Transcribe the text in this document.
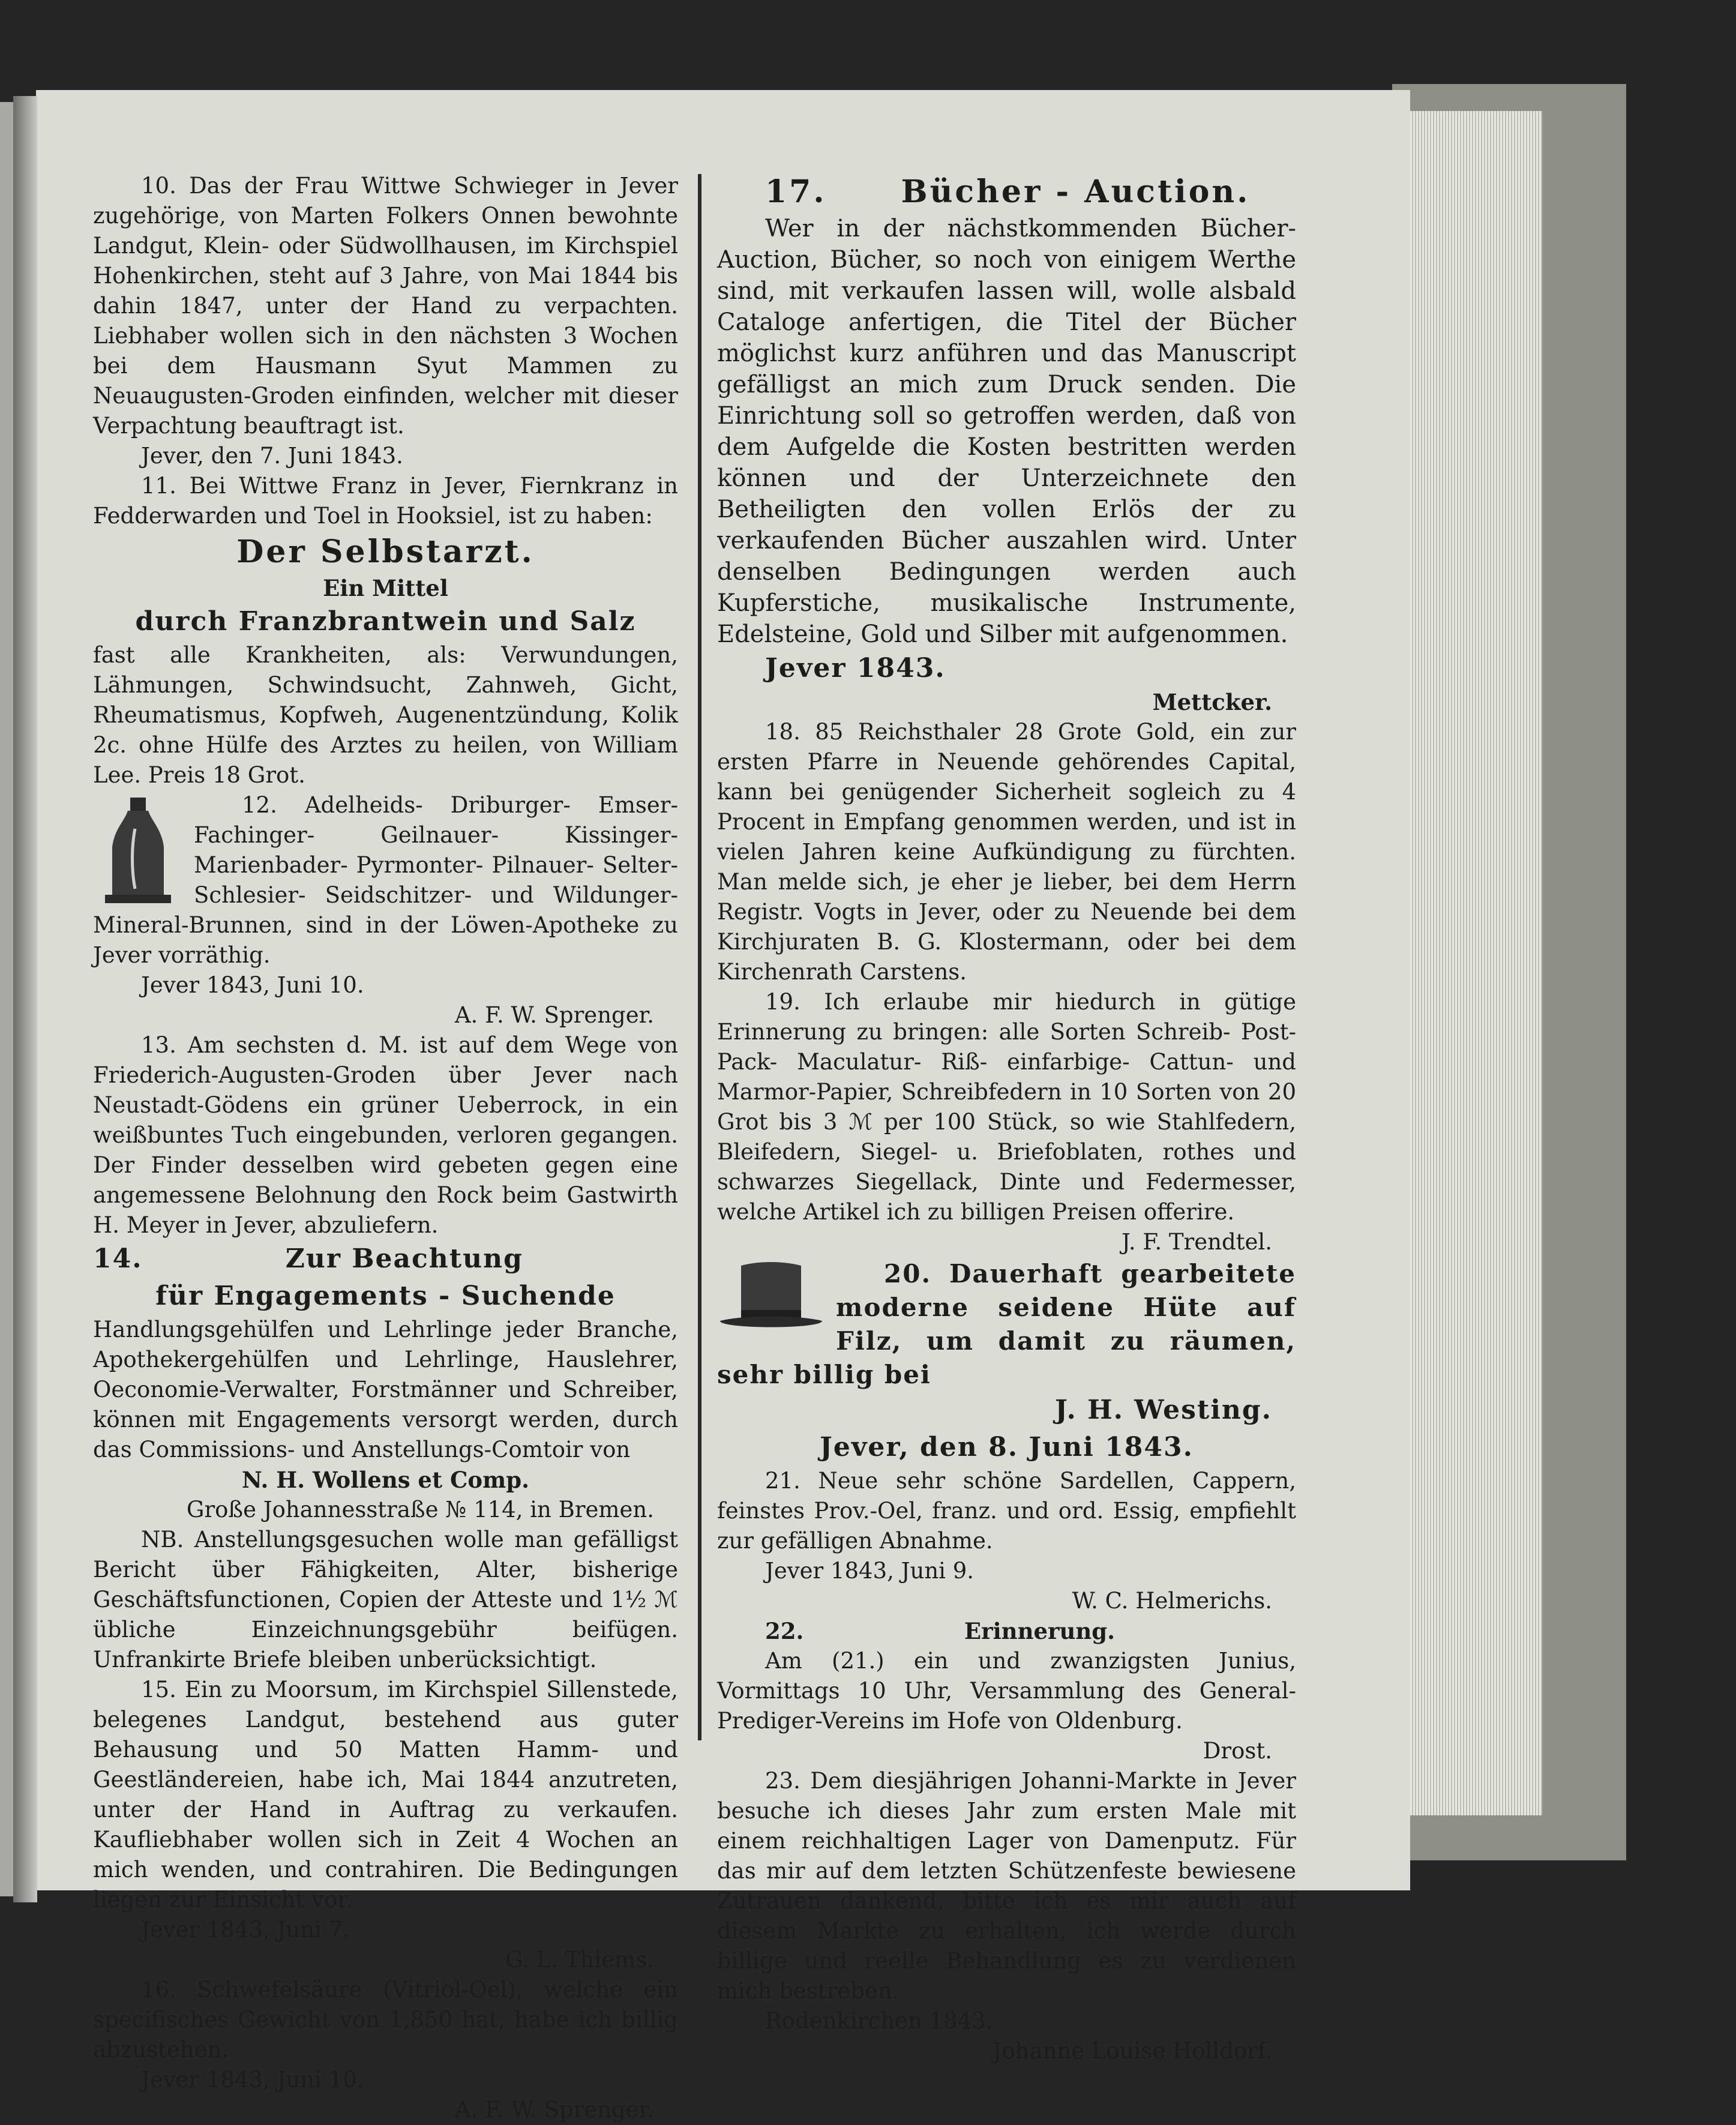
10. Das der Frau Wittwe Schwieger in Jever zugehörige, von Marten Folkers Onnen bewohnte Landgut, Klein- oder Südwollhausen, im Kirchspiel Hohenkirchen, steht auf 3 Jahre, von Mai 1844 bis dahin 1847, unter der Hand zu verpachten. Liebhaber wollen sich in den nächsten 3 Wochen bei dem Hausmann Syut Mammen zu Neuaugusten-Groden einfinden, welcher mit dieser Verpachtung beauftragt ist.

Jever, den 7. Juni 1843.

11. Bei Wittwe Franz in Jever, Fiernkranz in Fedderwarden und Toel in Hooksiel, ist zu haben:

Der Selbstarzt.

Ein Mittel

durch Franzbrantwein und Salz

fast alle Krankheiten, als: Verwundungen, Lähmungen, Schwindsucht, Zahnweh, Gicht, Rheumatismus, Kopfweh, Augenentzündung, Kolik 2c. ohne Hülfe des Arztes zu heilen, von William Lee. Preis 18 Grot.

12. Adelheids- Driburger- Emser- Fachinger- Geilnauer- Kissinger- Marienbader- Pyrmonter- Pilnauer- Selter- Schlesier- Seidschitzer- und Wildunger- Mineral-Brunnen, sind in der Löwen-Apotheke zu Jever vorräthig.

Jever 1843, Juni 10.

A. F. W. Sprenger.

13. Am sechsten d. M. ist auf dem Wege von Friederich-Augusten-Groden über Jever nach Neustadt-Gödens ein grüner Ueberrock, in ein weißbuntes Tuch eingebunden, verloren gegangen. Der Finder desselben wird gebeten gegen eine angemessene Belohnung den Rock beim Gastwirth H. Meyer in Jever, abzuliefern.

14.	Zur Beachtung

für Engagements - Suchende

Handlungsgehülfen und Lehrlinge jeder Branche, Apothekergehülfen und Lehrlinge, Hauslehrer, Oeconomie-Verwalter, Forstmänner und Schreiber, können mit Engagements versorgt werden, durch das Commissions- und Anstellungs-Comtoir von

N. H. Wollens et Comp.

Große Johannesstraße № 114, in Bremen.

NB. Anstellungsgesuchen wolle man gefälligst Bericht über Fähigkeiten, Alter, bisherige Geschäftsfunctionen, Copien der Atteste und 1½ ℳ übliche Einzeichnungsgebühr beifügen. Unfrankirte Briefe bleiben unberücksichtigt.

15. Ein zu Moorsum, im Kirchspiel Sillenstede, belegenes Landgut, bestehend aus guter Behausung und 50 Matten Hamm- und Geestländereien, habe ich, Mai 1844 anzutreten, unter der Hand in Auftrag zu verkaufen. Kaufliebhaber wollen sich in Zeit 4 Wochen an mich wenden, und contrahiren. Die Bedingungen liegen zur Einsicht vor.

Jever 1843, Juni 7.

G. L. Thiems.

16. Schwefelsäure (Vitriol-Oel), welche ein specifisches Gewicht von 1,850 hat, habe ich billig abzustehen.

Jever 1843, Juni 10.

A. F. W. Sprenger.

17.	Bücher - Auction.

Wer in der nächstkommenden Bücher-Auction, Bücher, so noch von einigem Werthe sind, mit verkaufen lassen will, wolle alsbald Cataloge anfertigen, die Titel der Bücher möglichst kurz anführen und das Manuscript gefälligst an mich zum Druck senden. Die Einrichtung soll so getroffen werden, daß von dem Aufgelde die Kosten bestritten werden können und der Unterzeichnete den Betheiligten den vollen Erlös der zu verkaufenden Bücher auszahlen wird. Unter denselben Bedingungen werden auch Kupferstiche, musikalische Instrumente, Edelsteine, Gold und Silber mit aufgenommen.

Jever 1843.

Mettcker.

18. 85 Reichsthaler 28 Grote Gold, ein zur ersten Pfarre in Neuende gehörendes Capital, kann bei genügender Sicherheit sogleich zu 4 Procent in Empfang genommen werden, und ist in vielen Jahren keine Aufkündigung zu fürchten. Man melde sich, je eher je lieber, bei dem Herrn Registr. Vogts in Jever, oder zu Neuende bei dem Kirchjuraten B. G. Klostermann, oder bei dem Kirchenrath Carstens.

19. Ich erlaube mir hiedurch in gütige Erinnerung zu bringen: alle Sorten Schreib- Post- Pack- Maculatur- Riß- einfarbige- Cattun- und Marmor-Papier, Schreibfedern in 10 Sorten von 20 Grot bis 3 ℳ per 100 Stück, so wie Stahlfedern, Bleifedern, Siegel- u. Briefoblaten, rothes und schwarzes Siegellack, Dinte und Federmesser, welche Artikel ich zu billigen Preisen offerire.

J. F. Trendtel.

20. Dauerhaft gearbeitete moderne seidene Hüte auf Filz, um damit zu räumen, sehr billig bei

J. H. Westing.

Jever, den 8. Juni 1843.

21. Neue sehr schöne Sardellen, Cappern, feinstes Prov.-Oel, franz. und ord. Essig, empfiehlt zur gefälligen Abnahme.

Jever 1843, Juni 9.

W. C. Helmerichs.

22.	Erinnerung.

Am (21.) ein und zwanzigsten Junius, Vormittags 10 Uhr, Versammlung des General-Prediger-Vereins im Hofe von Oldenburg.

Drost.

23. Dem diesjährigen Johanni-Markte in Jever besuche ich dieses Jahr zum ersten Male mit einem reichhaltigen Lager von Damenputz. Für das mir auf dem letzten Schützenfeste bewiesene Zutrauen dankend, bitte ich es mir auch auf diesem Markte zu erhalten, ich werde durch billige und reelle Behandlung es zu verdienen mich bestreben.

Rodenkirchen 1843.

Johanne Louise Holldorf.
